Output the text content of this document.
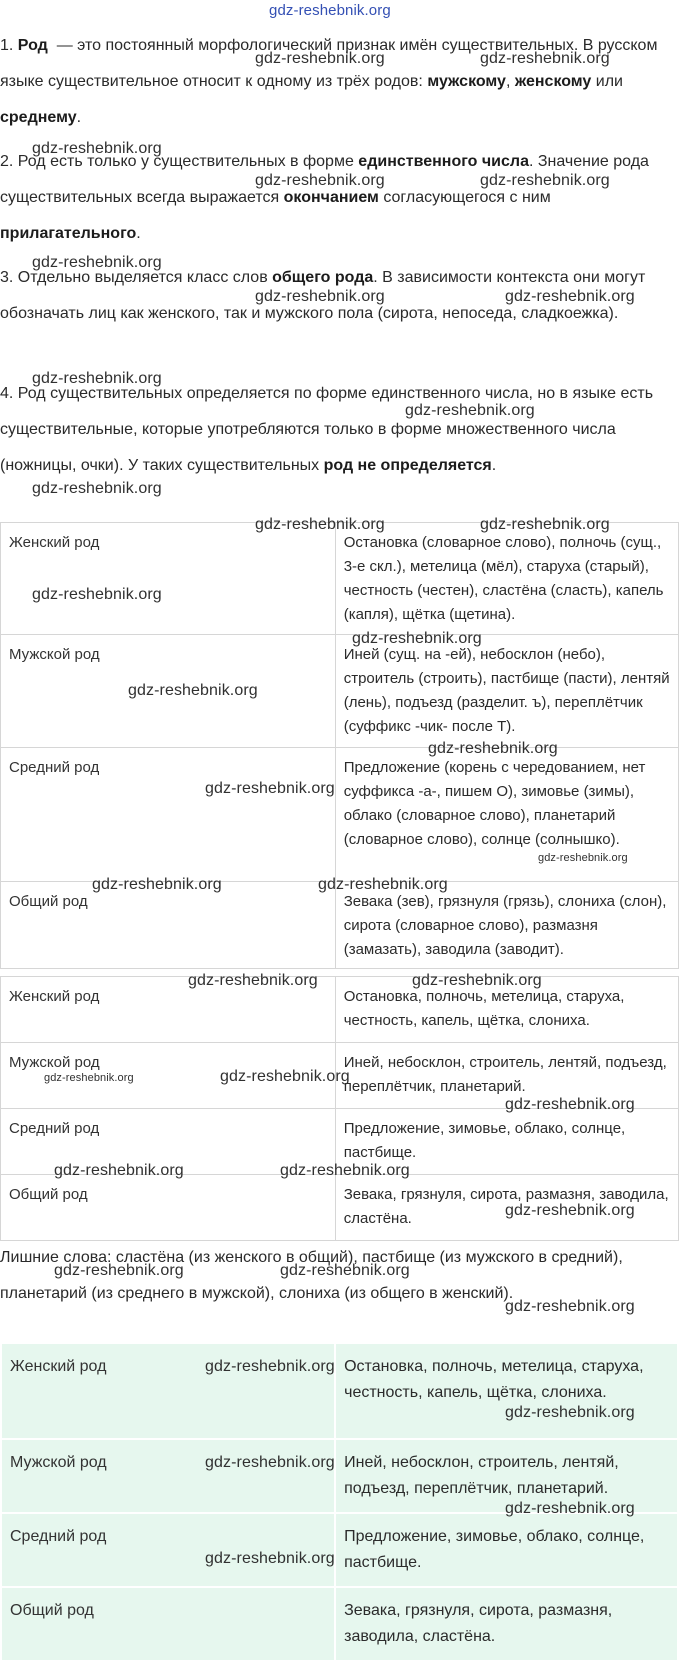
gdz-reshebnik.org

1. Род  — это постоянный морфологический признак имён существительных. В русском языке существительное относит к одному из трёх родов: мужскому, женскому или среднему.

2. Род есть только у существительных в форме единственного числа. Значение рода существительных всегда выражается окончанием согласующегося с ним прилагательного.

3. Отдельно выделяется класс слов общего рода. В зависимости контекста они могут обозначать лиц как женского, так и мужского пола (сирота, непоседа, сладкоежка).

4. Род существительных определяется по форме единственного числа, но в языке есть существительные, которые употребляются только в форме множественного числа (ножницы, очки). У таких существительных род не определяется.

Женский род	Остановка (словарное слово), полночь (сущ., 3-е скл.), метелица (мёл), старуха (старый), честность (честен), сластёна (сласть), капель (капля), щётка (щетина).
Мужской род	Иней (сущ. на -ей), небосклон (небо), строитель (строить), пастбище (пасти), лентяй (лень), подъезд (разделит. ъ), переплётчик (суффикс -чик- после Т).
Средний род	Предложение (корень с чередованием, нет суффикса -а-, пишем О), зимовье (зимы), облако (словарное слово), планетарий (словарное слово), солнце (солнышко).
Общий род	Зевака (зев), грязнуля (грязь), слониха (слон), сирота (словарное слово), размазня (замазать), заводила (заводит).
Женский род	Остановка, полночь, метелица, старуха, честность, капель, щётка, слониха.
Мужской род	Иней, небосклон, строитель, лентяй, подъезд, переплётчик, планетарий.
Средний род	Предложение, зимовье, облако, солнце, пастбище.
Общий род	Зевака, грязнуля, сирота, размазня, заводила, сластёна.

Лишние слова: сластёна (из женского в общий), пастбище (из мужского в средний), планетарий (из среднего в мужской), слониха (из общего в женский).

Женский род	Остановка, полночь, метелица, старуха, честность, капель, щётка, слониха.
Мужской род	Иней, небосклон, строитель, лентяй, подъезд, переплётчик, планетарий.
Средний род	Предложение, зимовье, облако, солнце, пастбище.
Общий род	Зевака, грязнуля, сирота, размазня, заводила, сластёна.
gdz-reshebnik.org	gdz-reshebnik.org
gdz-reshebnik.org
gdz-reshebnik.org	gdz-reshebnik.org
gdz-reshebnik.org
gdz-reshebnik.org	gdz-reshebnik.org
gdz-reshebnik.org
gdz-reshebnik.org
gdz-reshebnik.org
gdz-reshebnik.org	gdz-reshebnik.org
gdz-reshebnik.org
gdz-reshebnik.org
gdz-reshebnik.org
gdz-reshebnik.org
gdz-reshebnik.org
gdz-reshebnik.org
gdz-reshebnik.org	gdz-reshebnik.org
gdz-reshebnik.org	gdz-reshebnik.org
gdz-reshebnik.org	gdz-reshebnik.org
gdz-reshebnik.org
gdz-reshebnik.org	gdz-reshebnik.org
gdz-reshebnik.org
gdz-reshebnik.org	gdz-reshebnik.org
gdz-reshebnik.org
gdz-reshebnik.org
gdz-reshebnik.org
gdz-reshebnik.org
gdz-reshebnik.org
gdz-reshebnik.org
